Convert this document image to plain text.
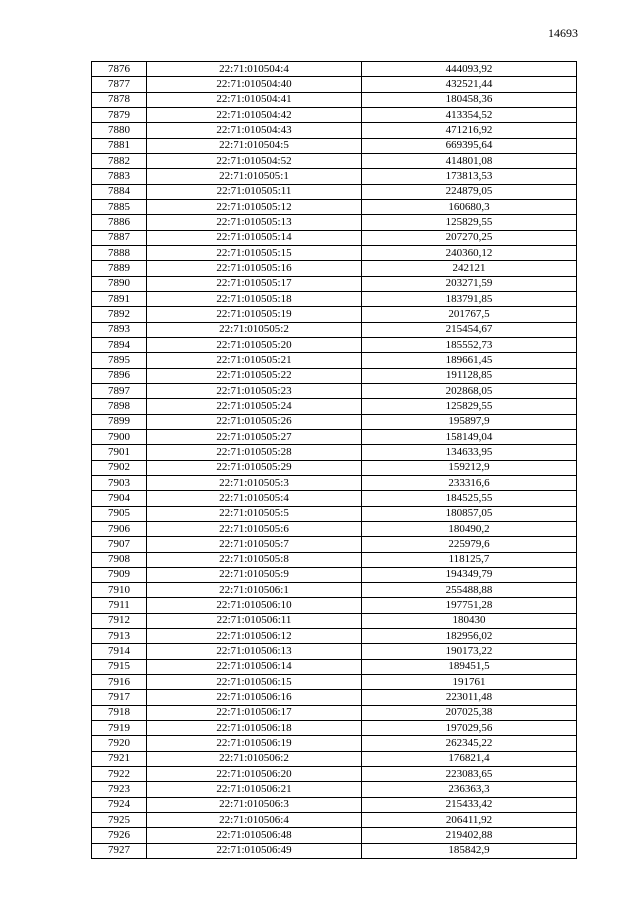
14693
7876	22:71:010504:4	444093,92
7877	22:71:010504:40	432521,44
7878	22:71:010504:41	180458,36
7879	22:71:010504:42	413354,52
7880	22:71:010504:43	471216,92
7881	22:71:010504:5	669395,64
7882	22:71:010504:52	414801,08
7883	22:71:010505:1	173813,53
7884	22:71:010505:11	224879,05
7885	22:71:010505:12	160680,3
7886	22:71:010505:13	125829,55
7887	22:71:010505:14	207270,25
7888	22:71:010505:15	240360,12
7889	22:71:010505:16	242121
7890	22:71:010505:17	203271,59
7891	22:71:010505:18	183791,85
7892	22:71:010505:19	201767,5
7893	22:71:010505:2	215454,67
7894	22:71:010505:20	185552,73
7895	22:71:010505:21	189661,45
7896	22:71:010505:22	191128,85
7897	22:71:010505:23	202868,05
7898	22:71:010505:24	125829,55
7899	22:71:010505:26	195897,9
7900	22:71:010505:27	158149,04
7901	22:71:010505:28	134633,95
7902	22:71:010505:29	159212,9
7903	22:71:010505:3	233316,6
7904	22:71:010505:4	184525,55
7905	22:71:010505:5	180857,05
7906	22:71:010505:6	180490,2
7907	22:71:010505:7	225979,6
7908	22:71:010505:8	118125,7
7909	22:71:010505:9	194349,79
7910	22:71:010506:1	255488,88
7911	22:71:010506:10	197751,28
7912	22:71:010506:11	180430
7913	22:71:010506:12	182956,02
7914	22:71:010506:13	190173,22
7915	22:71:010506:14	189451,5
7916	22:71:010506:15	191761
7917	22:71:010506:16	223011,48
7918	22:71:010506:17	207025,38
7919	22:71:010506:18	197029,56
7920	22:71:010506:19	262345,22
7921	22:71:010506:2	176821,4
7922	22:71:010506:20	223083,65
7923	22:71:010506:21	236363,3
7924	22:71:010506:3	215433,42
7925	22:71:010506:4	206411,92
7926	22:71:010506:48	219402,88
7927	22:71:010506:49	185842,9
